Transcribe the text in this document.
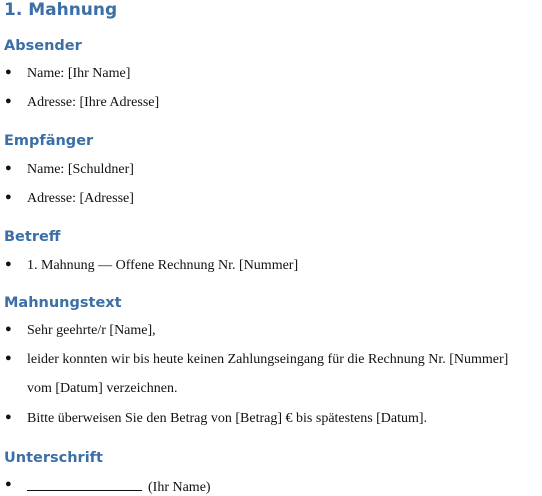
1. Mahnung
Absender
● Name: [Ihr Name]
● Adresse: [Ihre Adresse]
Empfänger
● Name: [Schuldner]
● Adresse: [Adresse]
Betreff
● 1. Mahnung — Offene Rechnung Nr. [Nummer]
Mahnungstext
● Sehr geehrte/r [Name],
● leider konnten wir bis heute keinen Zahlungseingang für die Rechnung Nr. [Nummer]
vom [Datum] verzeichnen.
● Bitte überweisen Sie den Betrag von [Betrag] € bis spätestens [Datum].
Unterschrift
●	(Ihr Name)
